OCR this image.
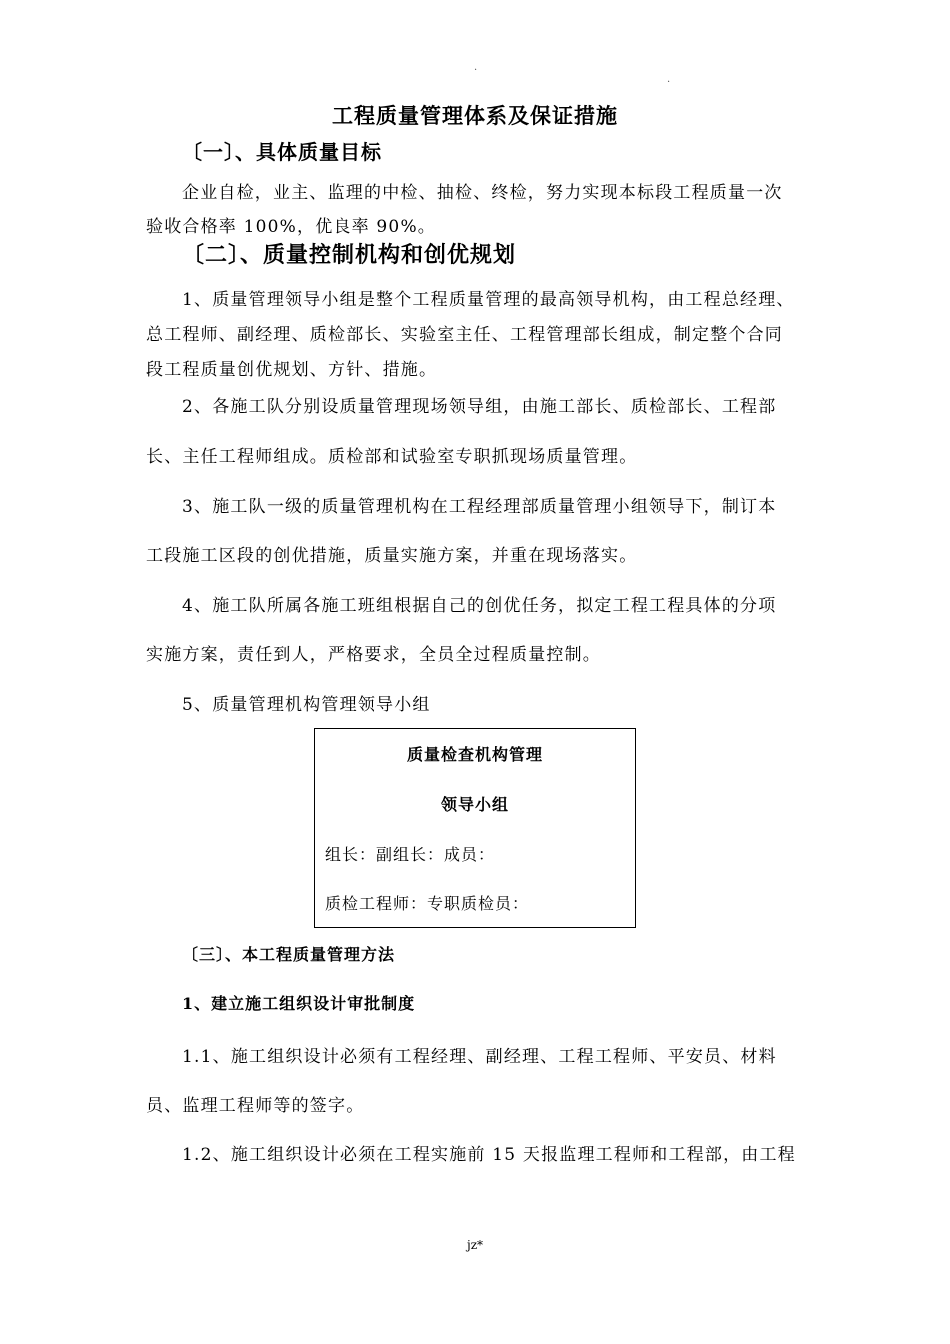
.
.
工程质量管理体系及保证措施
〔一〕、具体质量目标
企业自检，业主、监理的中检、抽检、终检，努力实现本标段工程质量一次
验收合格率 100%，优良率 90%。
〔二〕、质量控制机构和创优规划
1、质量管理领导小组是整个工程质量管理的最高领导机构，由工程总经理、
总工程师、副经理、质检部长、实验室主任、工程管理部长组成，制定整个合同
段工程质量创优规划、方针、措施。
2、各施工队分别设质量管理现场领导组，由施工部长、质检部长、工程部
长、主任工程师组成。质检部和试验室专职抓现场质量管理。
3、施工队一级的质量管理机构在工程经理部质量管理小组领导下，制订本
工段施工区段的创优措施，质量实施方案，并重在现场落实。
4、施工队所属各施工班组根据自己的创优任务，拟定工程工程具体的分项
实施方案，责任到人，严格要求，全员全过程质量控制。
5、质量管理机构管理领导小组
质量检查机构管理
领导小组
组长：副组长：成员：
质检工程师：专职质检员：
〔三〕、本工程质量管理方法
1、建立施工组织设计审批制度
1.1、施工组织设计必须有工程经理、副经理、工程工程师、平安员、材料
员、监理工程师等的签字。
1.2、施工组织设计必须在工程实施前 15 天报监理工程师和工程部，由工程
jz*
